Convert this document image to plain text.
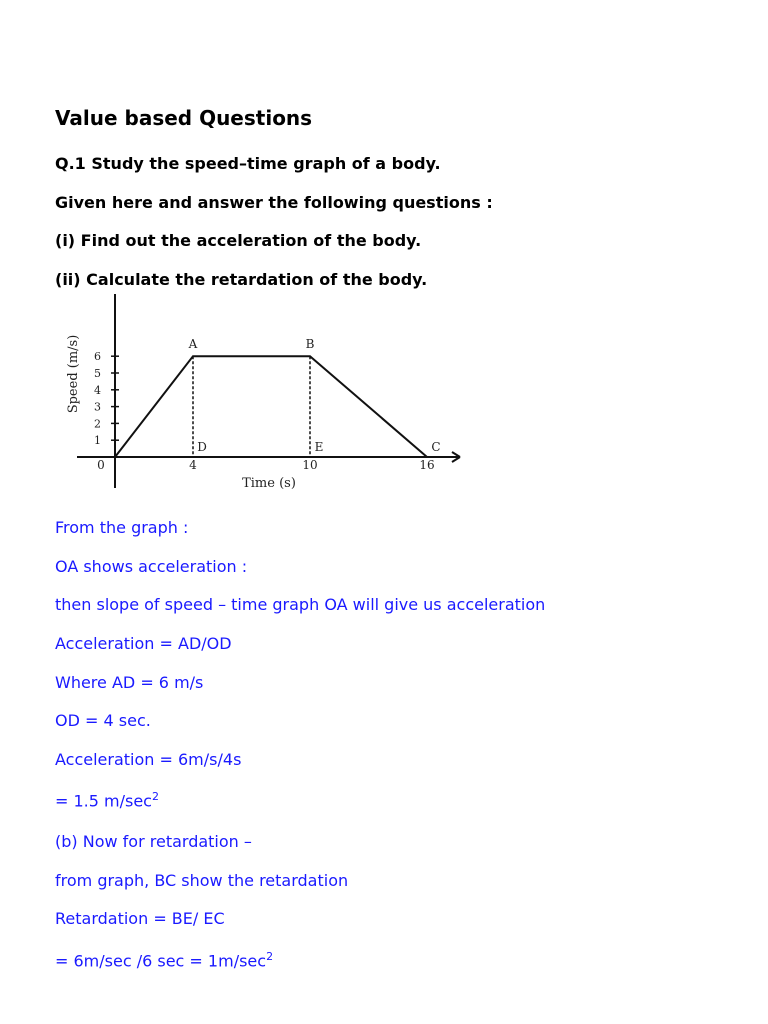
Value based Questions
Q.1 Study the speed–time graph of a body.
Given here and answer the following questions :
(i) Find out the acceleration of the body.
(ii) Calculate the retardation of the body.
1
2
3
4
5
6
0	4	10	16
Time (s)
Speed (m/s)	A	B
C
D	E
From the graph :
OA shows acceleration :
then slope of speed – time graph OA will give us acceleration
Acceleration = AD/OD
Where AD = 6 m/s
OD = 4 sec.
Acceleration = 6m/s/4s
= 1.5 $m/\sec^2$
(b) Now for retardation –
from graph, BC show the retardation
Retardation = BE/ EC
= 6m/sec /6 $\sec = 1m/\sec^2$
